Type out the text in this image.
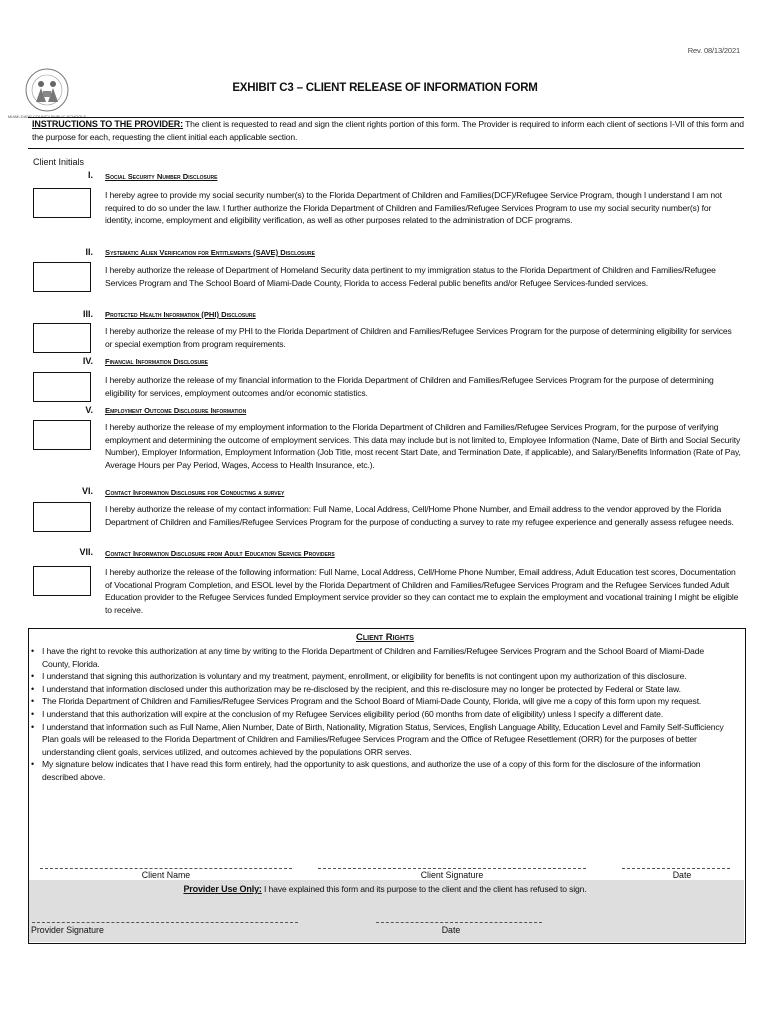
Rev. 08/13/2021
MIAMI-DADE COUNTY PUBLIC SCHOOLS
EXHIBIT C3 – CLIENT RELEASE OF INFORMATION FORM
INSTRUCTIONS TO THE PROVIDER: The client is requested to read and sign the client rights portion of this form. The Provider is required to inform each client of sections I-VII of this form and the purpose for each, requesting the client initial each applicable section.
Client Initials
I. Social Security Number Disclosure
I hereby agree to provide my social security number(s) to the Florida Department of Children and Families(DCF)/Refugee Service Program, though I understand I am not required to do so under the law. I further authorize the Florida Department of Children and Families/Refugee Services Program to use my social security number(s) for identity, income, employment and eligibility verification, as well as other purposes related to the administration of DCF programs.
II. Systematic Alien Verification for Entitlements (SAVE) Disclosure
I hereby authorize the release of Department of Homeland Security data pertinent to my immigration status to the Florida Department of Children and Families/Refugee Services Program and The School Board of Miami-Dade County, Florida to access Federal public benefits and/or Refugee Services-funded services.
III. Protected Health Information (PHI) Disclosure
I hereby authorize the release of my PHI to the Florida Department of Children and Families/Refugee Services Program for the purpose of determining eligibility for services or special exemption from program requirements.
IV. Financial Information Disclosure
I hereby authorize the release of my financial information to the Florida Department of Children and Families/Refugee Services Program for the purpose of determining eligibility for services, employment outcomes and/or economic statistics.
V. Employment Outcome Disclosure Information
I hereby authorize the release of my employment information to the Florida Department of Children and Families/Refugee Services Program, for the purpose of verifying employment and determining the outcome of employment services. This data may include but is not limited to, Employee Information (Name, Date of Birth and Social Security Number), Employer Information, Employment Information (Job Title, most recent Start Date, and Termination Date, if applicable), and Salary/Benefits Information (Rate of Pay, Average Hours per Pay Period, Wages, Access to Health Insurance, etc.).
VI. Contact Information Disclosure for Conducting a survey
I hereby authorize the release of my contact information: Full Name, Local Address, Cell/Home Phone Number, and Email address to the vendor approved by the Florida Department of Children and Families/Refugee Services Program for the purpose of conducting a survey to rate my refugee experience and generally assess refugee needs.
VII. Contact Information Disclosure from Adult Education Service Providers
I hereby authorize the release of the following information: Full Name, Local Address, Cell/Home Phone Number, Email address, Adult Education test scores, Documentation of Vocational Program Completion, and ESOL level by the Florida Department of Children and Families/Refugee Services Program and the Refugee Services funded Adult Education provider to the Refugee Services funded Employment service provider so they can contact me to explain the employment and vocational training I might be eligible to receive.
Client Rights
• I have the right to revoke this authorization at any time by writing to the Florida Department of Children and Families/Refugee Services Program and the School Board of Miami-Dade County, Florida.
• I understand that signing this authorization is voluntary and my treatment, payment, enrollment, or eligibility for benefits is not contingent upon my authorization of this disclosure.
• I understand that information disclosed under this authorization may be re-disclosed by the recipient, and this re-disclosure may no longer be protected by Federal or State law.
• The Florida Department of Children and Families/Refugee Services Program and the School Board of Miami-Dade County, Florida, will give me a copy of this form upon my request.
• I understand that this authorization will expire at the conclusion of my Refugee Services eligibility period (60 months from date of eligibility) unless I specify a different date.
• I understand that information such as Full Name, Alien Number, Date of Birth, Nationality, Migration Status, Services, English Language Ability, Education Level and Family Self-Sufficiency Plan goals will be released to the Florida Department of Children and Families/Refugee Services Program and the Office of Refugee Resettlement (ORR) for the purposes of better understanding client goals, services utilized, and outcomes achieved by the populations ORR serves.
• My signature below indicates that I have read this form entirely, had the opportunity to ask questions, and authorize the use of a copy of this form for the disclosure of the information described above.
Client Name	Client Signature	Date
Provider Use Only: I have explained this form and its purpose to the client and the client has refused to sign.
Provider Signature	Date
